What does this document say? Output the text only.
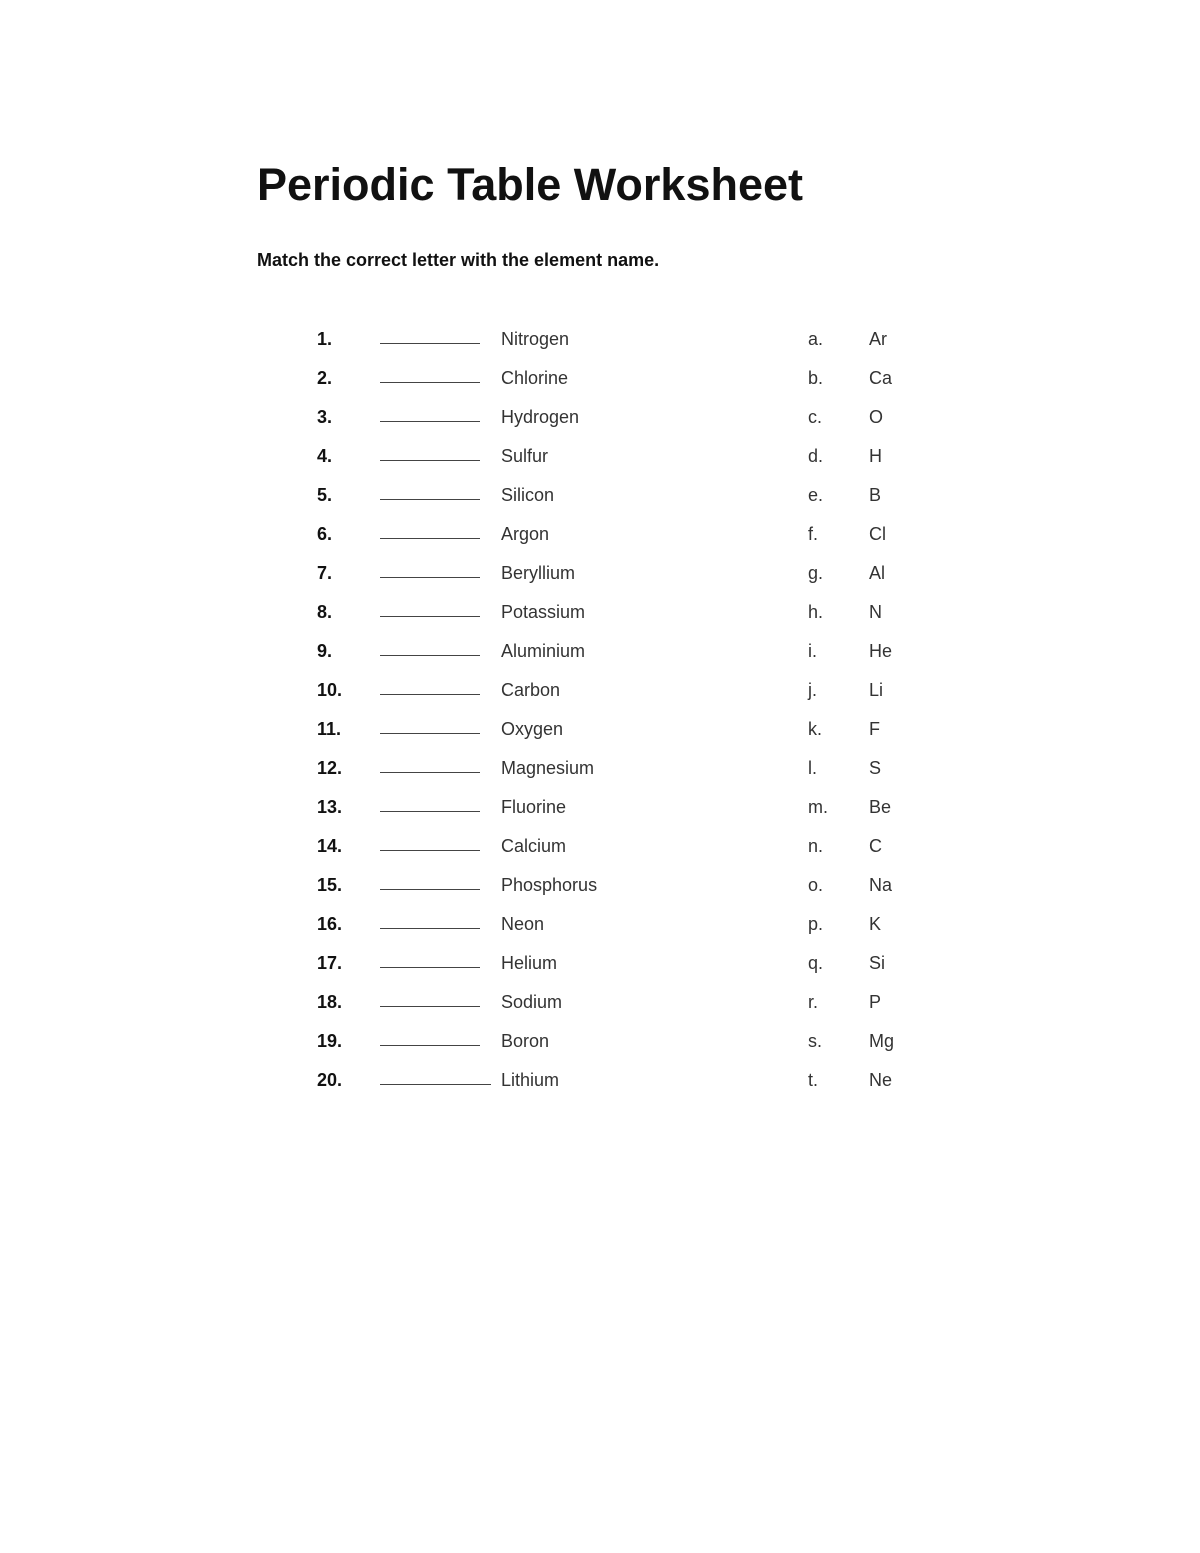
Periodic Table Worksheet
Match the correct letter with the element name.
1.	Nitrogen	a.	Ar
2.	Chlorine	b.	Ca
3.	Hydrogen	c.	O
4.	Sulfur	d.	H
5.	Silicon	e.	B
6.	Argon	f.	Cl
7.	Beryllium	g.	Al
8.	Potassium	h.	N
9.	Aluminium	i.	He
10.	Carbon	j.	Li
11.	Oxygen	k.	F
12.	Magnesium	l.	S
13.	Fluorine	m. Be
14.	Calcium	n.	C
15.	Phosphorus	o.	Na
16.	Neon	p.	K
17.	Helium	q.	Si
18.	Sodium	r.	P
19.	Boron	s.	Mg
20.	Lithium	t.	Ne
